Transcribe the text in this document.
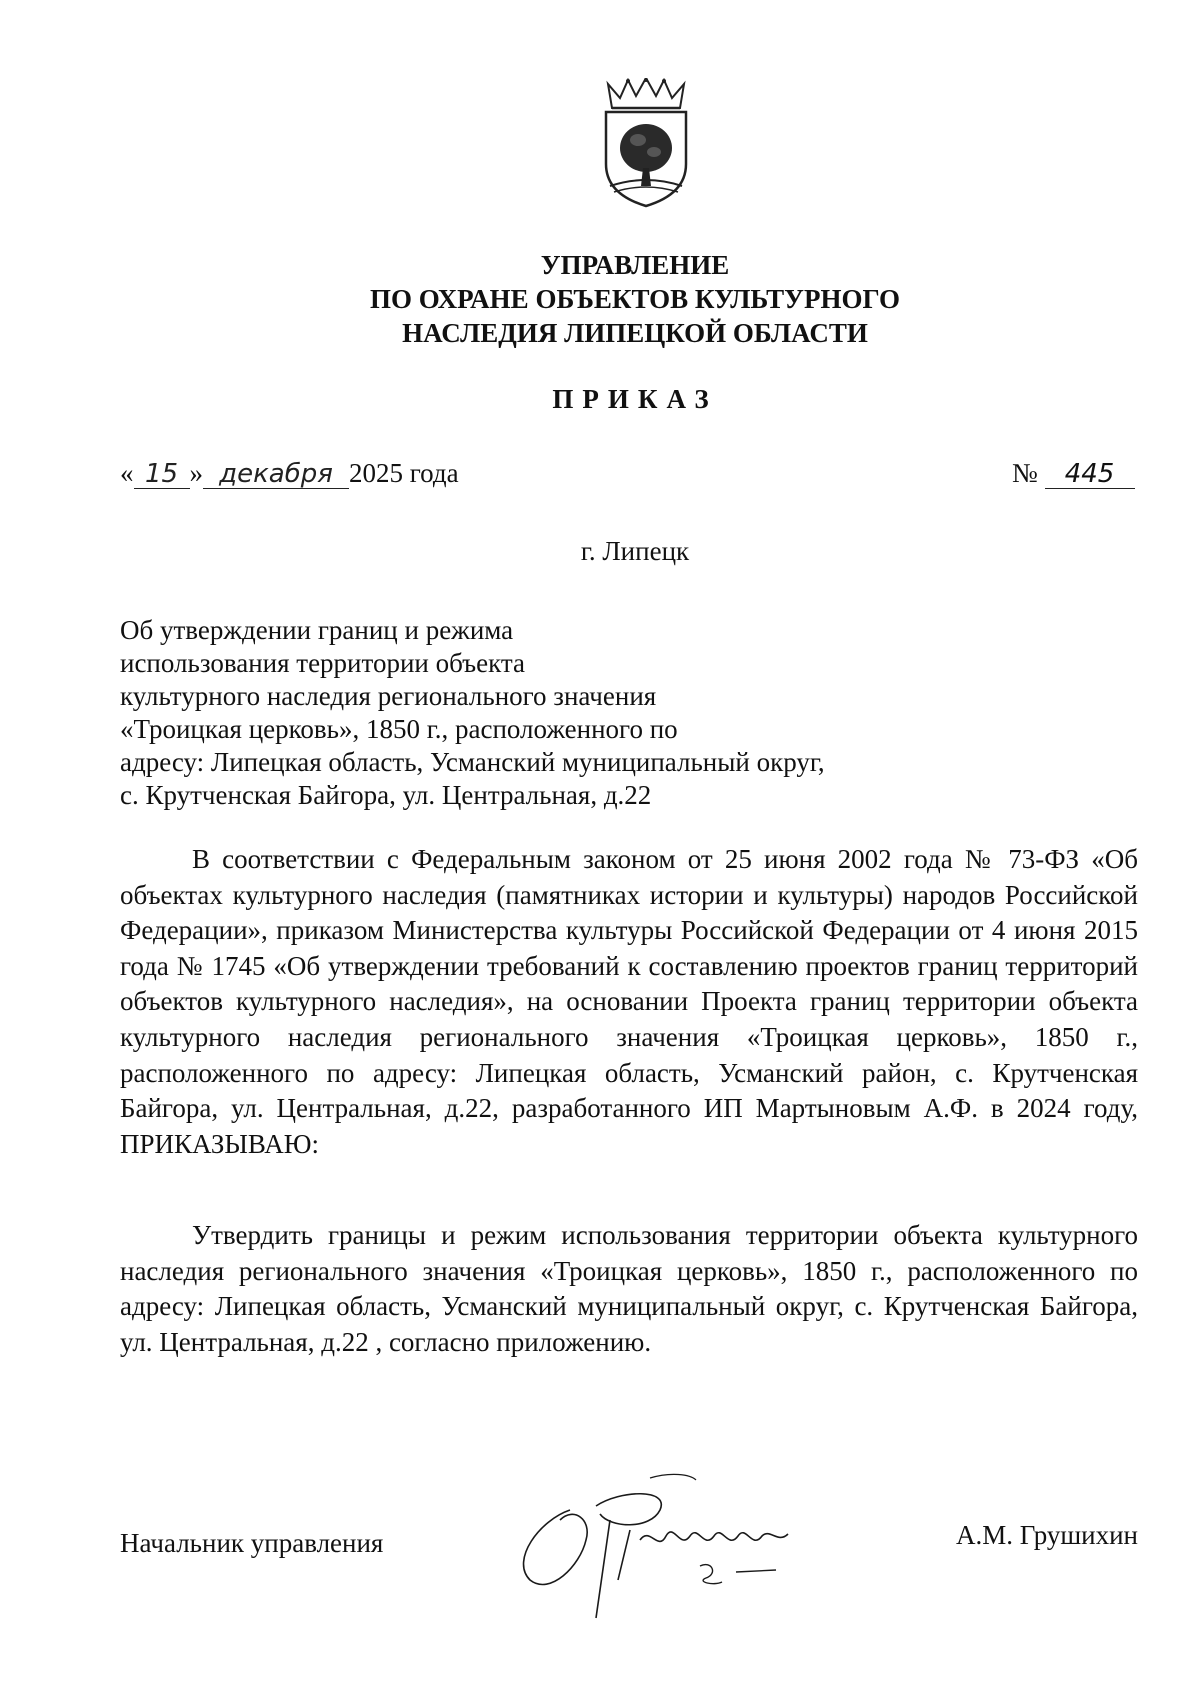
УПРАВЛЕНИЕ
ПО ОХРАНЕ ОБЪЕКТОВ КУЛЬТУРНОГО
НАСЛЕДИЯ ЛИПЕЦКОЙ ОБЛАСТИ
ПРИКАЗ
« 15 » декабря 2025 года	№ 445
г. Липецк
Об утверждении границ и режима
использования территории объекта
культурного наследия регионального значения
«Троицкая церковь», 1850 г., расположенного по
адресу: Липецкая область, Усманский муниципальный округ,
с. Крутченская Байгора, ул. Центральная, д.22
В соответствии с Федеральным законом от 25 июня 2002 года № 73-ФЗ «Об объектах культурного наследия (памятниках истории и культуры) народов Российской Федерации», приказом Министерства культуры Российской Федерации от 4 июня 2015 года № 1745 «Об утверждении требований к составлению проектов границ территорий объектов культурного наследия», на основании Проекта границ территории объекта культурного наследия регионального значения «Троицкая церковь», 1850 г., расположенного по адресу: Липецкая область, Усманский район, с. Крутченская Байгора, ул. Центральная, д.22, разработанного ИП Мартыновым А.Ф. в 2024 году, ПРИКАЗЫВАЮ:
Утвердить границы и режим использования территории объекта культурного наследия регионального значения «Троицкая церковь», 1850 г., расположенного по адресу: Липецкая область, Усманский муниципальный округ, с. Крутченская Байгора, ул. Центральная, д.22 , согласно приложению.
Начальник управления	А.М. Грушихин
